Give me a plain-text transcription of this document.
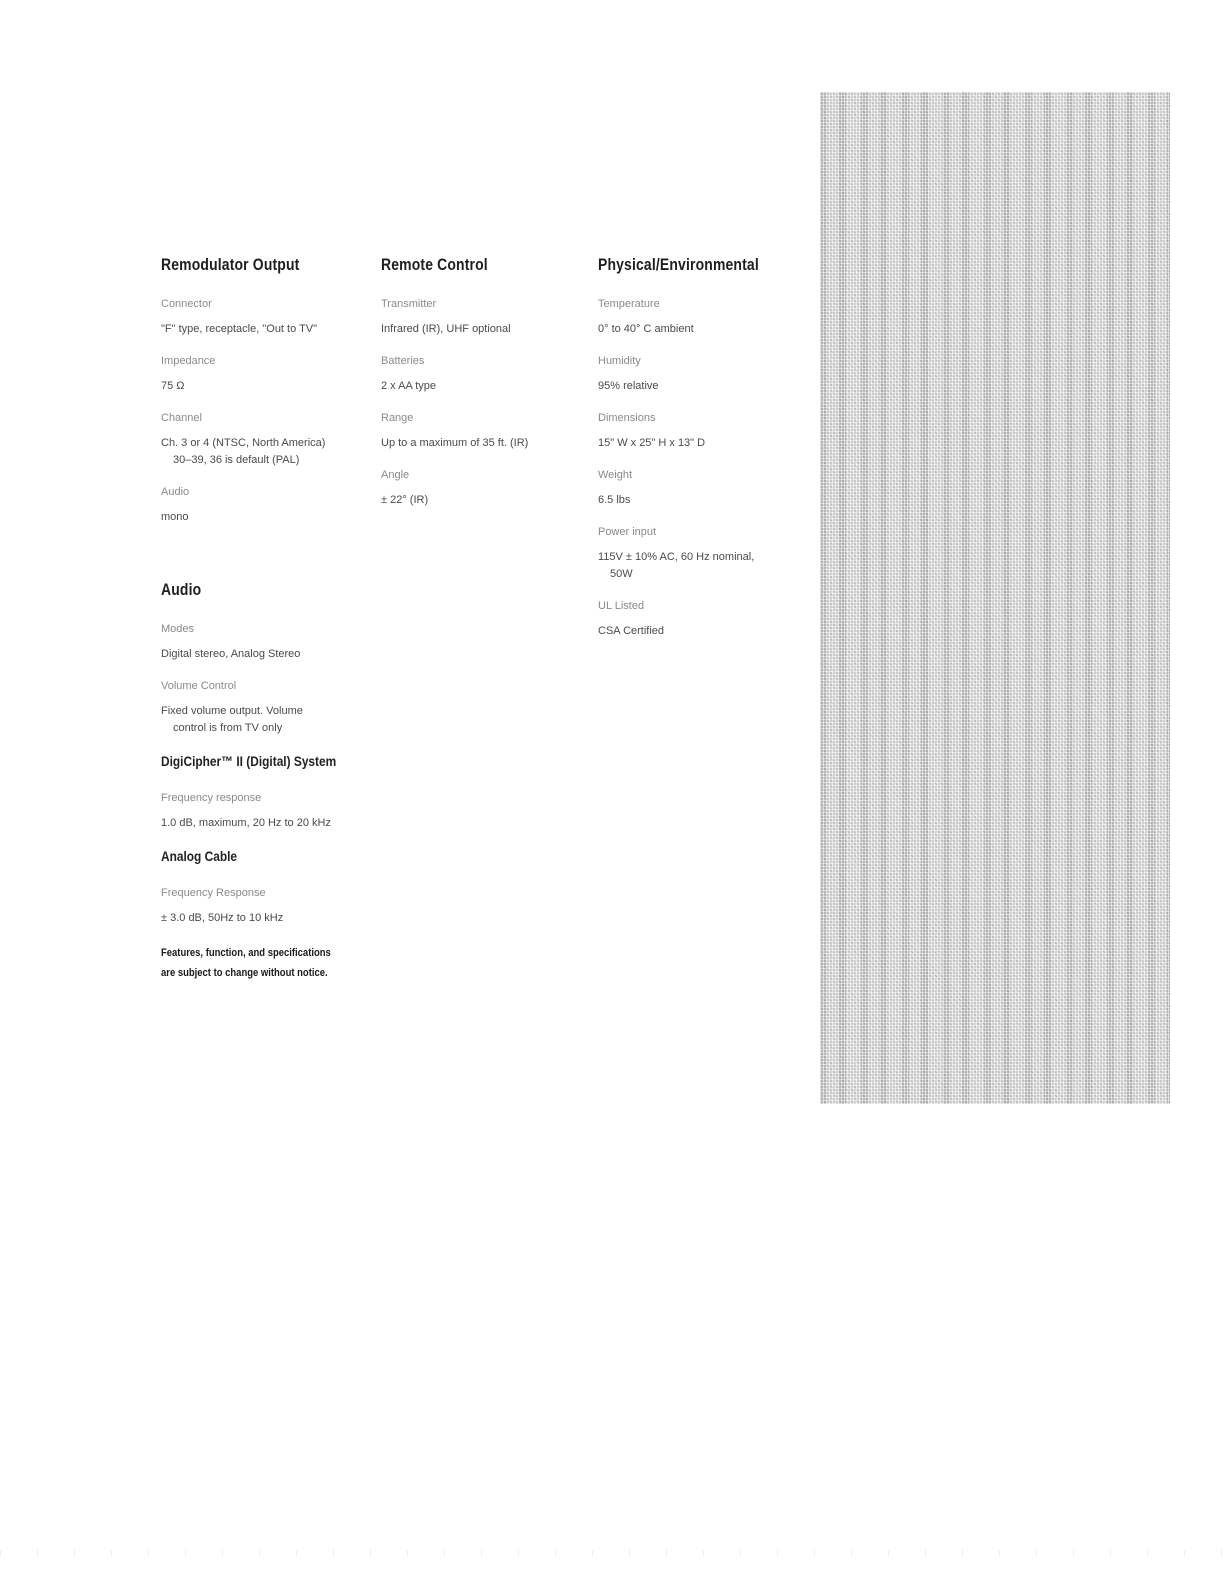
Remodulator Output
Connector
"F" type, receptacle, "Out to TV"
Impedance
75 Ω
Channel
Ch. 3 or 4 (NTSC, North America)
30–39, 36 is default (PAL)
Audio
mono
Audio
Modes
Digital stereo, Analog Stereo
Volume Control
Fixed volume output. Volume
control is from TV only
DigiCipher™ II (Digital) System
Frequency response
1.0 dB, maximum, 20 Hz to 20 kHz
Analog Cable
Frequency Response
± 3.0 dB, 50Hz to 10 kHz
Features, function, and specifications
are subject to change without notice.
Remote Control
Transmitter
Infrared (IR), UHF optional
Batteries
2 x AA type
Range
Up to a maximum of 35 ft. (IR)
Angle
± 22° (IR)
Physical/Environmental
Temperature
0° to 40° C ambient
Humidity
95% relative
Dimensions
15" W x 25" H x 13" D
Weight
6.5 lbs
Power input
115V ± 10% AC, 60 Hz nominal,
50W
UL Listed
CSA Certified
